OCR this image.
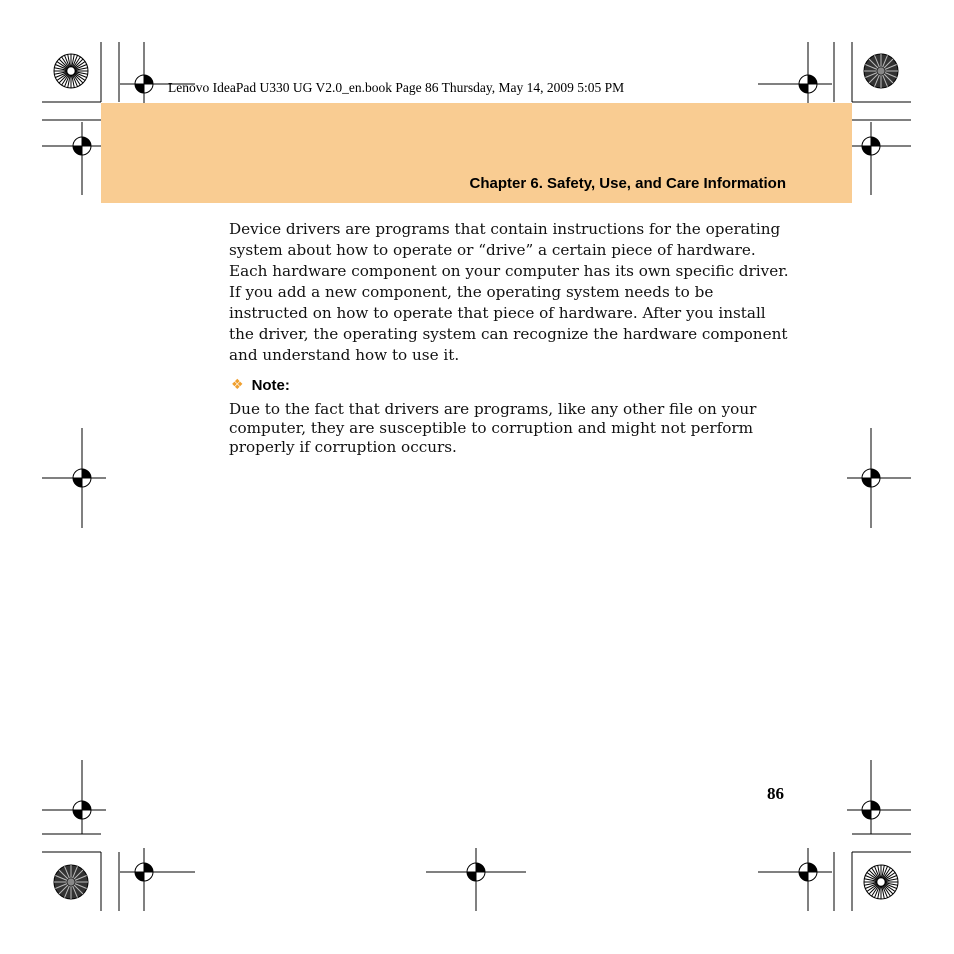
Lenovo IdeaPad U330 UG V2.0_en.book Page 86 Thursday, May 14, 2009 5:05 PM
Chapter 6. Safety, Use, and Care Information

Device drivers are programs that contain instructions for the operating system about how to operate or “drive” a certain piece of hardware. Each hardware component on your computer has its own specific driver. If you add a new component, the operating system needs to be instructed on how to operate that piece of hardware. After you install the driver, the operating system can recognize the hardware component and understand how to use it.

❖ Note:

Due to the fact that drivers are programs, like any other file on your computer, they are susceptible to corruption and might not perform properly if corruption occurs.

86
